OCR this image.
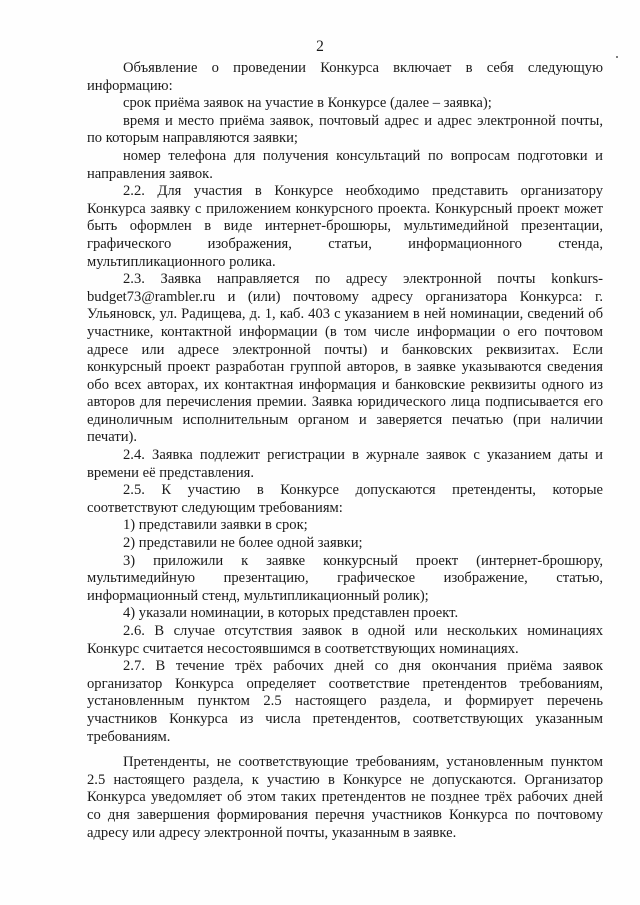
2

Объявление о проведении Конкурса включает в себя следующую информацию:

срок приёма заявок на участие в Конкурсе (далее – заявка);

время и место приёма заявок, почтовый адрес и адрес электронной почты, по которым направляются заявки;

номер телефона для получения консультаций по вопросам подготовки и направления заявок.

2.2. Для участия в Конкурсе необходимо представить организатору Конкурса заявку с приложением конкурсного проекта. Конкурсный проект может быть оформлен в виде интернет-брошюры, мультимедийной презентации, графического изображения, статьи, информационного стенда, мультипликационного ролика.

2.3. Заявка направляется по адресу электронной почты konkurs-budget73@rambler.ru и (или) почтовому адресу организатора Конкурса: г. Ульяновск, ул. Радищева, д. 1, каб. 403 с указанием в ней номинации, сведений об участнике, контактной информации (в том числе информации о его почтовом адресе или адресе электронной почты) и банковских реквизитах. Если конкурсный проект разработан группой авторов, в заявке указываются сведения обо всех авторах, их контактная информация и банковские реквизиты одного из авторов для перечисления премии. Заявка юридического лица подписывается его единоличным исполнительным органом и заверяется печатью (при наличии печати).

2.4. Заявка подлежит регистрации в журнале заявок с указанием даты и времени её представления.

2.5. К участию в Конкурсе допускаются претенденты, которые соответствуют следующим требованиям:

1) представили заявки в срок;

2) представили не более одной заявки;

3) приложили к заявке конкурсный проект (интернет-брошюру, мультимедийную презентацию, графическое изображение, статью, информационный стенд, мультипликационный ролик);

4) указали номинации, в которых представлен проект.

2.6. В случае отсутствия заявок в одной или нескольких номинациях Конкурс считается несостоявшимся в соответствующих номинациях.

2.7. В течение трёх рабочих дней со дня окончания приёма заявок организатор Конкурса определяет соответствие претендентов требованиям, установленным пунктом 2.5 настоящего раздела, и формирует перечень участников Конкурса из числа претендентов, соответствующих указанным требованиям.

Претенденты, не соответствующие требованиям, установленным пунктом 2.5 настоящего раздела, к участию в Конкурсе не допускаются. Организатор Конкурса уведомляет об этом таких претендентов не позднее трёх рабочих дней со дня завершения формирования перечня участников Конкурса по почтовому адресу или адресу электронной почты, указанным в заявке.
